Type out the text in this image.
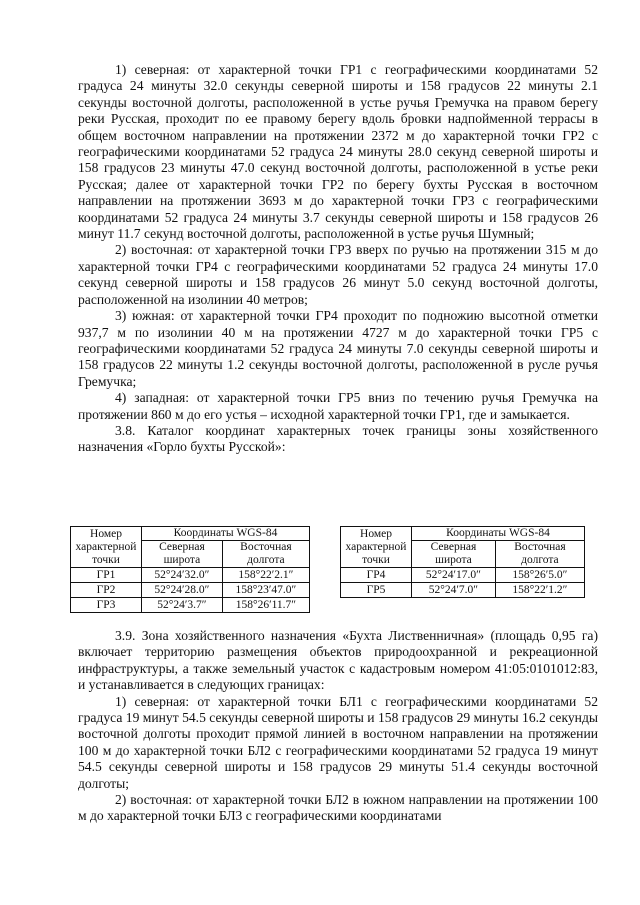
1) северная: от характерной точки ГР1 с географическими координатами 52 градуса 24 минуты 32.0 секунды северной широты и 158 градусов 22 минуты 2.1 секунды восточной долготы, расположенной в устье ручья Гремучка на правом берегу реки Русская, проходит по ее правому берегу вдоль бровки надпойменной террасы в общем восточном направлении на протяжении 2372 м до характерной точки ГР2 с географическими координатами 52 градуса 24 минуты 28.0 секунд северной широты и 158 градусов 23 минуты 47.0 секунд восточной долготы, расположенной в устье реки Русская; далее от характерной точки ГР2 по берегу бухты Русская в восточном направлении на протяжении 3693 м до характерной точки ГР3 с географическими координатами 52 градуса 24 минуты 3.7 секунды северной широты и 158 градусов 26 минут 11.7 секунд восточной долготы, расположенной в устье ручья Шумный;

2) восточная: от характерной точки ГР3 вверх по ручью на протяжении 315 м до характерной точки ГР4 с географическими координатами 52 градуса 24 минуты 17.0 секунд северной широты и 158 градусов 26 минут 5.0 секунд восточной долготы, расположенной на изолинии 40 метров;

3) южная: от характерной точки ГР4 проходит по подножию высотной отметки 937,7 м по изолинии 40 м на протяжении 4727 м до характерной точки ГР5 с географическими координатами 52 градуса 24 минуты 7.0 секунды северной широты и 158 градусов 22 минуты 1.2 секунды восточной долготы, расположенной в русле ручья Гремучка;

4) западная: от характерной точки ГР5 вниз по течению ручья Гремучка на протяжении 860 м до его устья – исходной характерной точки ГР1, где и замыкается.

3.8. Каталог координат характерных точек границы зоны хозяйственного назначения «Горло бухты Русской»:

Номер характерной точки	Координаты WGS-84	
	Северная широта	Восточная долгота
ГР1	52°24′32.0″	158°22′2.1″
ГР2	52°24′28.0″	158°23′47.0″
ГР3	52°24′3.7″	158°26′11.7″
Номер характерной точки	Координаты WGS-84	
	Северная широта	Восточная долгота
ГР4	52°24′17.0″	158°26′5.0″
ГР5	52°24′7.0″	158°22′1.2″

3.9. Зона хозяйственного назначения «Бухта Лиственничная» (площадь 0,95 га) включает территорию размещения объектов природоохранной и рекреационной инфраструктуры, а также земельный участок с кадастровым номером 41:05:0101012:83, и устанавливается в следующих границах:

1) северная: от характерной точки БЛ1 с географическими координатами 52 градуса 19 минут 54.5 секунды северной широты и 158 градусов 29 минуты 16.2 секунды восточной долготы проходит прямой линией в восточном направлении на протяжении 100 м до характерной точки БЛ2 с географическими координатами 52 градуса 19 минут 54.5 секунды северной широты и 158 градусов 29 минуты 51.4 секунды восточной долготы;

2) восточная: от характерной точки БЛ2 в южном направлении на протяжении 100 м до характерной точки БЛ3 с географическими координатами
